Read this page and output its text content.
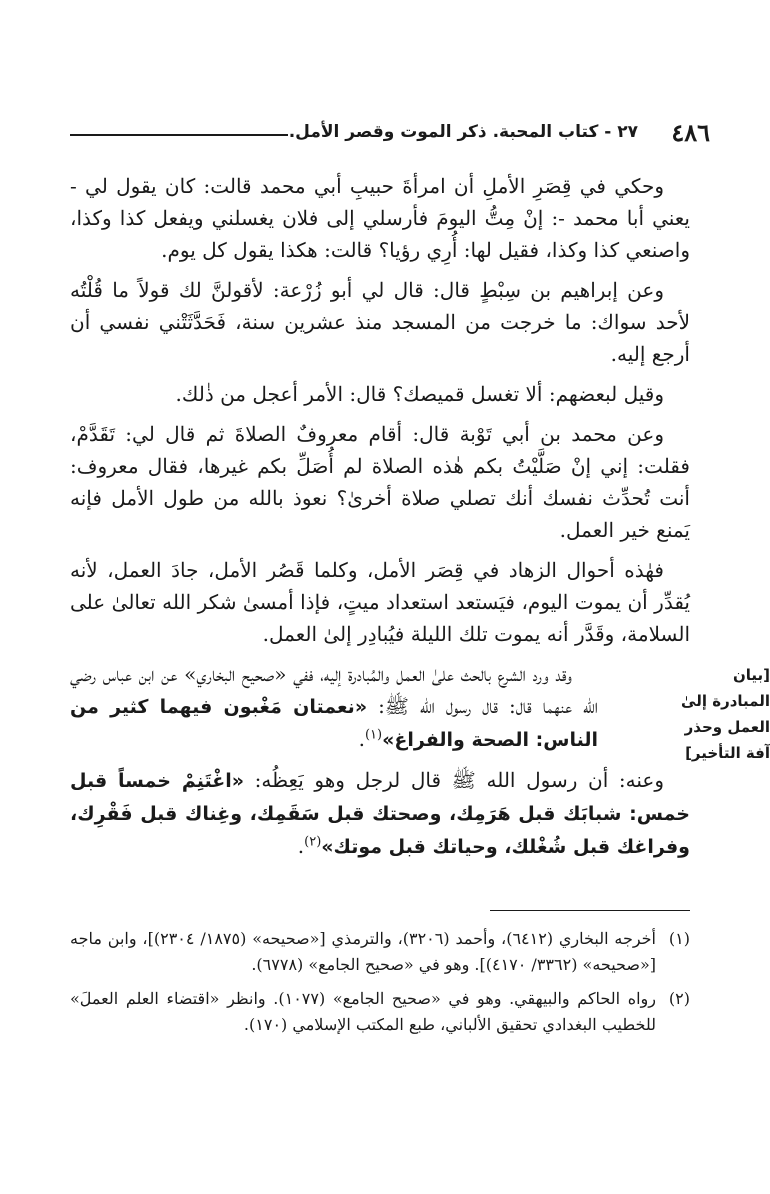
٤٨٦
٢٧ - كتاب المحبة. ذكر الموت وقصر الأمل.

وحكي في قِصَرِ الأملِ أن امرأةَ حبيبِ أبي محمد قالت: كان يقول لي - يعني أبا محمد -: إنْ مِتُّ اليومَ فأرسلي إلى فلان يغسلني ويفعل كذا وكذا، واصنعي كذا وكذا، فقيل لها: أُرِي رؤيا؟ قالت: هكذا يقول كل يوم.

وعن إبراهيم بن سِبْطٍ قال: قال لي أبو زُرْعة: لأقولنَّ لك قولاً ما قُلْتُه لأحد سواك: ما خرجت من المسجد منذ عشرين سنة، فَحَدَّثَتْني نفسي أن أرجع إليه.

وقيل لبعضهم: ألا تغسل قميصك؟ قال: الأمر أعجل من ذٰلك.

وعن محمد بن أبي تَوْبة قال: أقام معروفٌ الصلاةَ ثم قال لي: تَقَدَّمْ، فقلت: إني إنْ صَلَّيْتُ بكم هٰذه الصلاة لم أُصَلِّ بكم غيرها، فقال معروف: أنت تُحدِّث نفسك أنك تصلي صلاة أخرىٰ؟ نعوذ بالله من طول الأمل فإنه يَمنع خير العمل.

فهٰذه أحوال الزهاد في قِصَر الأمل، وكلما قَصُر الأمل، جادَ العمل، لأنه يُقدِّر أن يموت اليوم، فيَستعد استعداد ميتٍ، فإذا أمسىٰ شكر الله تعالىٰ على السلامة، وقَدَّر أنه يموت تلك الليلة فيُبادِر إلىٰ العمل.

[بيان المبادرة إلىٰ العمل وحذر آفة التأخير]

وقد ورد الشرع بالحث علىٰ العمل والمُبادرة إليه، ففي «صحيح البخاري» عن ابن عباس رضي الله عنهما قال: قال رسول الله ﷺ: «نعمتان مَغْبون فيهما كثير من الناس: الصحة والفراغ»$^{(١)}$.

وعنه: أن رسول الله ﷺ قال لرجل وهو يَعِظُه: «اغْتَنِمْ خمساً قبل خمس: شبابَك قبل هَرَمِك، وصحتك قبل سَقَمِك، وغِناك قبل فَقْرِك، وفراغك قبل شُغْلك، وحياتك قبل موتك»$^{(٢)}$.

(١)
أخرجه البخاري (٦٤١٢)، وأحمد (٣٢٠٦)، والترمذي [«صحيحه» (١٨٧٥/ ٢٣٠٤)]، وابن ماجه [«صحيحه» (٣٣٦٢/ ٤١٧٠)]. وهو في «صحيح الجامع» (٦٧٧٨).
(٢)
رواه الحاكم والبيهقي. وهو في «صحيح الجامع» (١٠٧٧). وانظر «اقتضاء العلم العملَ» للخطيب البغدادي تحقيق الألباني، طبع المكتب الإسلامي (١٧٠).
